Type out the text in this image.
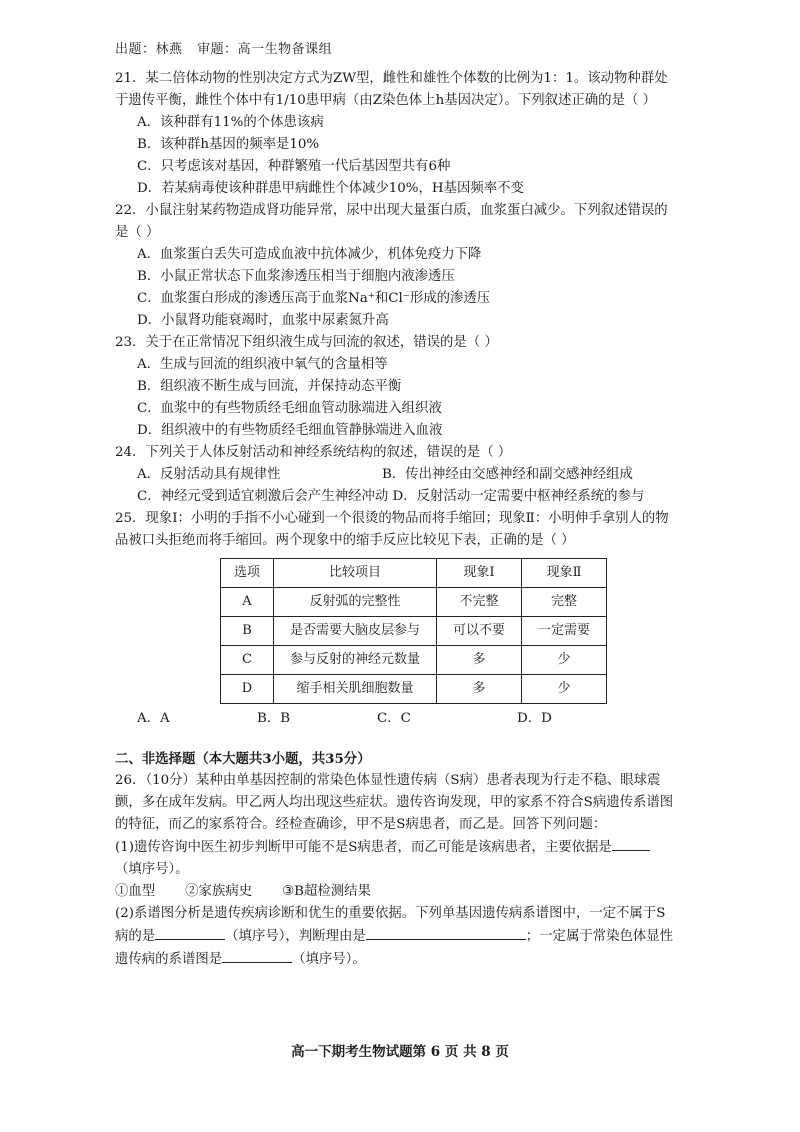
出题：林燕 审题：高一生物备课组

21．某二倍体动物的性别决定方式为ZW型，雌性和雄性个体数的比例为1：1。该动物种群处于遗传平衡，雌性个体中有1/10患甲病（由Z染色体上h基因决定）。下列叙述正确的是（ ）

A．该种群有11%的个体患该病

B．该种群h基因的频率是10%

C．只考虑该对基因，种群繁殖一代后基因型共有6种

D．若某病毒使该种群患甲病雌性个体减少10%，H基因频率不变

22．小鼠注射某药物造成肾功能异常，尿中出现大量蛋白质，血浆蛋白减少。下列叙述错误的是（ ）

A．血浆蛋白丢失可造成血液中抗体减少，机体免疫力下降

B．小鼠正常状态下血浆渗透压相当于细胞内液渗透压

C．血浆蛋白形成的渗透压高于血浆Na⁺和Cl⁻形成的渗透压

D．小鼠肾功能衰竭时，血浆中尿素氮升高

23．关于在正常情况下组织液生成与回流的叙述，错误的是（ ）

A．生成与回流的组织液中氧气的含量相等

B．组织液不断生成与回流，并保持动态平衡

C．血浆中的有些物质经毛细血管动脉端进入组织液

D．组织液中的有些物质经毛细血管静脉端进入血液

24．下列关于人体反射活动和神经系统结构的叙述，错误的是（ ）

A．反射活动具有规律性	B．传出神经由交感神经和副交感神经组成

C．神经元受到适宜刺激后会产生神经冲动 D．反射活动一定需要中枢神经系统的参与

25．现象Ⅰ：小明的手指不小心碰到一个很烫的物品而将手缩回；现象Ⅱ：小明伸手拿别人的物品被口头拒绝而将手缩回。两个现象中的缩手反应比较见下表，正确的是（ ）

选项	比较项目	现象Ⅰ	现象Ⅱ
A	反射弧的完整性	不完整	完整
B	是否需要大脑皮层参与	可以不要	一定需要
C	参与反射的神经元数量	多	少
D	缩手相关肌细胞数量	多	少
A．A	B．B	C．C	D．D

二、非选择题（本大题共3小题，共35分）

26．（10分）某种由单基因控制的常染色体显性遗传病（S病）患者表现为行走不稳、眼球震颤，多在成年发病。甲乙两人均出现这些症状。遗传咨询发现，甲的家系不符合S病遗传系谱图的特征，而乙的家系符合。经检查确诊，甲不是S病患者，而乙是。回答下列问题：

(1)遗传咨询中医生初步判断甲可能不是S病患者，而乙可能是该病患者，主要依据是（填序号）。

①血型 ②家族病史 ③B超检测结果

(2)系谱图分析是遗传疾病诊断和优生的重要依据。下列单基因遗传病系谱图中，一定不属于S病的是	（填序号），判断理由是	；一定属于常染色体显性遗传病的系谱图是	（填序号）。

高一下期考生物试题第 6 页 共 8 页
